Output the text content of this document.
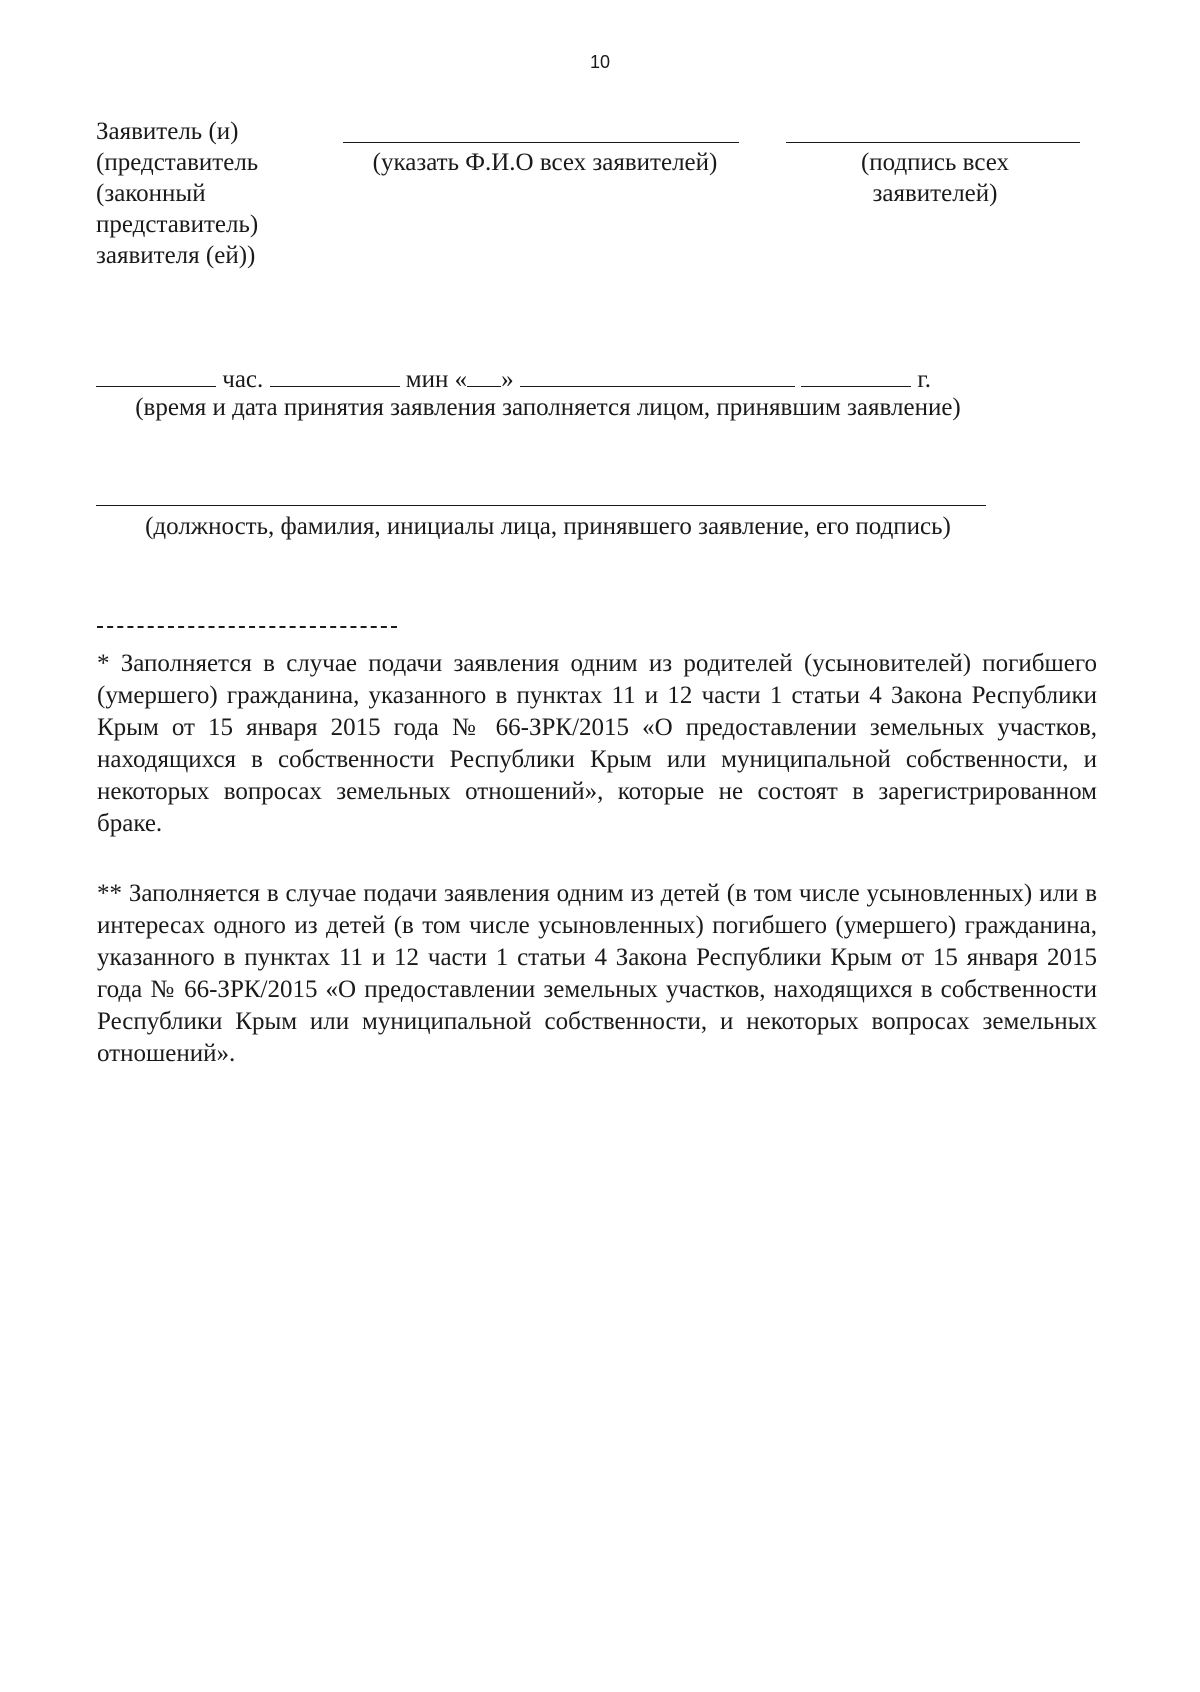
10
Заявитель (и)
(представитель
(законный
представитель)
заявителя (ей))
(указать Ф.И.О всех заявителей)	(подпись всех заявителей)
час.	мин « »	г.
(время и дата принятия заявления заполняется лицом, принявшим заявление)
(должность, фамилия, инициалы лица, принявшего заявление, его подпись)
* Заполняется в случае подачи заявления одним из родителей (усыновителей) погибшего (умершего) гражданина, указанного в пунктах 11 и 12 части 1 статьи 4 Закона Республики Крым от 15 января 2015 года № 66-ЗРК/2015 «О предоставлении земельных участков, находящихся в собственности Республики Крым или муниципальной собственности, и некоторых вопросах земельных отношений», которые не состоят в зарегистрированном браке.
** Заполняется в случае подачи заявления одним из детей (в том числе усыновленных) или в интересах одного из детей (в том числе усыновленных) погибшего (умершего) гражданина, указанного в пунктах 11 и 12 части 1 статьи 4 Закона Республики Крым от 15 января 2015 года № 66-ЗРК/2015 «О предоставлении земельных участков, находящихся в собственности Республики Крым или муниципальной собственности, и некоторых вопросах земельных отношений».
